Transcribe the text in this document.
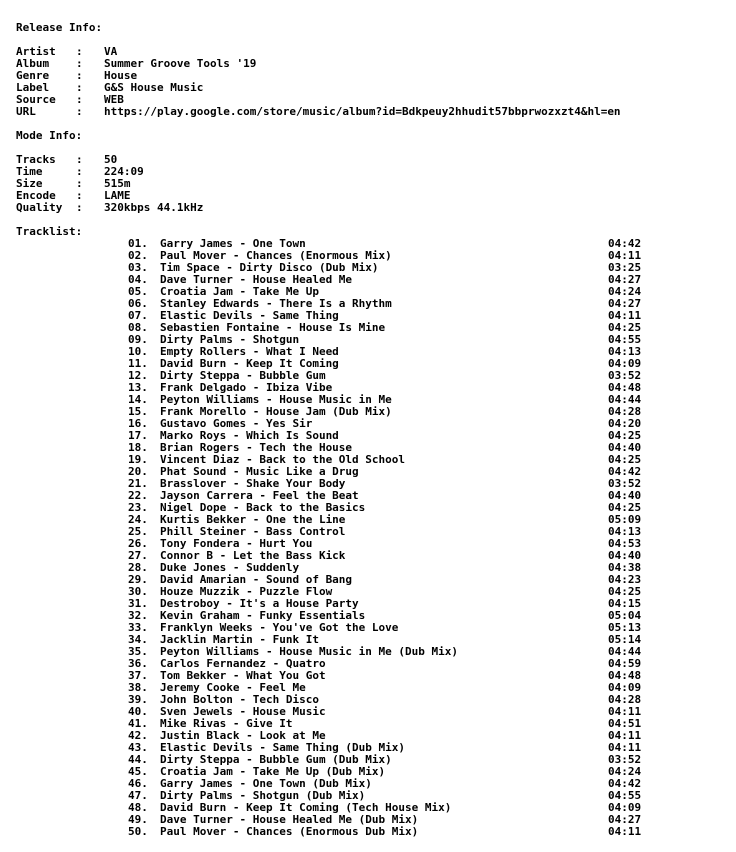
Release Info:
Artist	:	VA
Album	:	Summer Groove Tools '19
Genre	:	House
Label	:	G&S House Music
Source	:	WEB
URL	:	https://play.google.com/store/music/album?id=Bdkpeuy2hhudit57bbprwozxzt4&hl=en
Mode Info:
Tracks	:	50
Time	:	224:09
Size	:	515m
Encode	:	LAME
Quality	:	320kbps 44.1kHz
Tracklist:
01.	Garry James - One Town	04:42
02.	Paul Mover - Chances (Enormous Mix)	04:11
03.	Tim Space - Dirty Disco (Dub Mix)	03:25
04.	Dave Turner - House Healed Me	04:27
05.	Croatia Jam - Take Me Up	04:24
06.	Stanley Edwards - There Is a Rhythm	04:27
07.	Elastic Devils - Same Thing	04:11
08.	Sebastien Fontaine - House Is Mine	04:25
09.	Dirty Palms - Shotgun	04:55
10.	Empty Rollers - What I Need	04:13
11.	David Burn - Keep It Coming	04:09
12.	Dirty Steppa - Bubble Gum	03:52
13.	Frank Delgado - Ibiza Vibe	04:48
14.	Peyton Williams - House Music in Me	04:44
15.	Frank Morello - House Jam (Dub Mix)	04:28
16.	Gustavo Gomes - Yes Sir	04:20
17.	Marko Roys - Which Is Sound	04:25
18.	Brian Rogers - Tech the House	04:40
19.	Vincent Diaz - Back to the Old School	04:25
20.	Phat Sound - Music Like a Drug	04:42
21.	Brasslover - Shake Your Body	03:52
22.	Jayson Carrera - Feel the Beat	04:40
23.	Nigel Dope - Back to the Basics	04:25
24.	Kurtis Bekker - One the Line	05:09
25.	Phill Steiner - Bass Control	04:13
26.	Tony Fondera - Hurt You	04:53
27.	Connor B - Let the Bass Kick	04:40
28.	Duke Jones - Suddenly	04:38
29.	David Amarian - Sound of Bang	04:23
30.	Houze Muzzik - Puzzle Flow	04:25
31.	Destroboy - It's a House Party	04:15
32.	Kevin Graham - Funky Essentials	05:04
33.	Franklyn Weeks - You've Got the Love	05:13
34.	Jacklin Martin - Funk It	05:14
35.	Peyton Williams - House Music in Me (Dub Mix)	04:44
36.	Carlos Fernandez - Quatro	04:59
37.	Tom Bekker - What You Got	04:48
38.	Jeremy Cooke - Feel Me	04:09
39.	John Bolton - Tech Disco	04:28
40.	Sven Jewels - House Music	04:11
41.	Mike Rivas - Give It	04:51
42.	Justin Black - Look at Me	04:11
43.	Elastic Devils - Same Thing (Dub Mix)	04:11
44.	Dirty Steppa - Bubble Gum (Dub Mix)	03:52
45.	Croatia Jam - Take Me Up (Dub Mix)	04:24
46.	Garry James - One Town (Dub Mix)	04:42
47.	Dirty Palms - Shotgun (Dub Mix)	04:55
48.	David Burn - Keep It Coming (Tech House Mix)	04:09
49.	Dave Turner - House Healed Me (Dub Mix)	04:27
50.	Paul Mover - Chances (Enormous Dub Mix)	04:11
